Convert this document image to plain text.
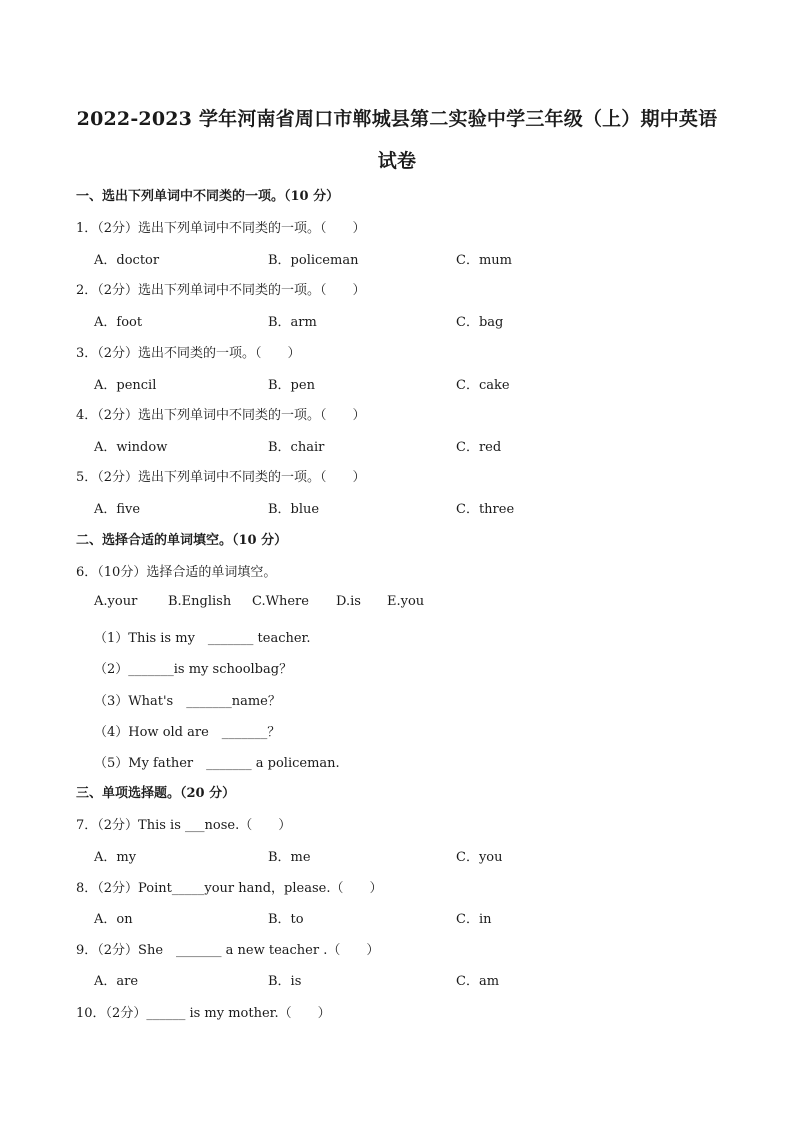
2022-2023 学年河南省周口市郸城县第二实验中学三年级（上）期中英语
试卷
一、选出下列单词中不同类的一项。（10 分）
1．（2分）选出下列单词中不同类的一项。（　　）
A．doctor	B．policeman	C．mum
2．（2分）选出下列单词中不同类的一项。（　　）
A．foot	B．arm	C．bag
3．（2分）选出不同类的一项。（　　）
A．pencil	B．pen	C．cake
4．（2分）选出下列单词中不同类的一项。（　　）
A．window	B．chair	C．red
5．（2分）选出下列单词中不同类的一项。（　　）
A．five	B．blue	C．three
二、选择合适的单词填空。（10 分）
6．（10分）选择合适的单词填空。
A.your B.English C.Where D.is E.you
（1）This is my　_______ teacher.
（2）_______is my schoolbag？
（3）What's　_______name？
（4）How old are　_______？
（5）My father　_______ a policeman.
三、单项选择题。（20 分）
7．（2分）This is ___nose.（　　）
A．my	B．me	C．you
8．（2分）Point_____your hand，please.（　　）
A．on	B．to	C．in
9．（2分）She　_______ a new teacher .（　　）
A．are	B．is	C．am
10．（2分）______ is my mother.（　　）
